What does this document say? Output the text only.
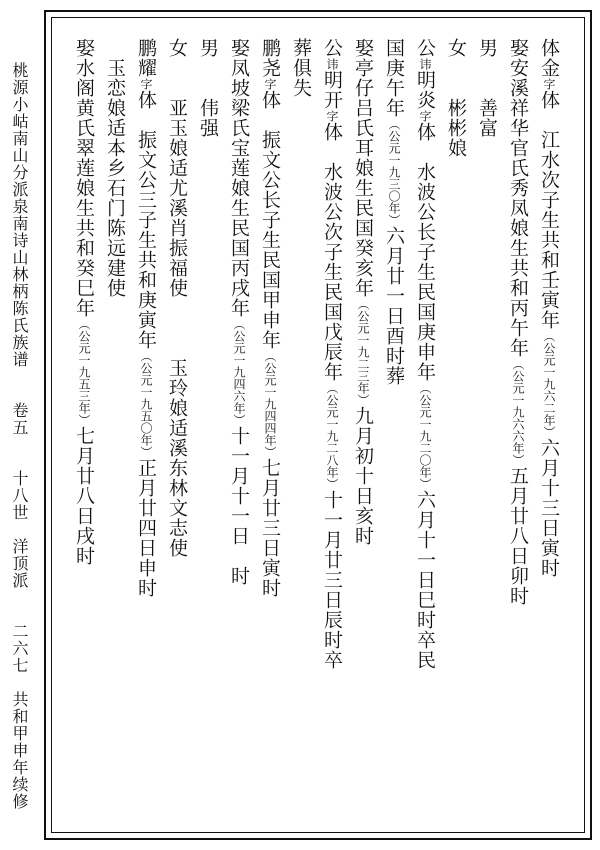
桃源小岵南山分派泉南诗山林柄陈氏族谱　　卷五　　十八世　洋顶派　　二六七　共和甲申年续修
体金字体　江水次子生共和壬寅年（公元一九六二年）六月十三日寅时
娶安溪祥华官氏秀凤娘生共和丙午年（公元一九六六年）五月廿八日卯时
男　　善富
女　　彬彬娘
公讳明炎字体　水波公长子生民国庚申年（公元一九二〇年）六月十一日巳时卒民
国庚午年（公元一九三〇年）六月廿一日酉时葬
娶亭仔吕氏耳娘生民国癸亥年（公元一九二三年）九月初十日亥时
公讳明开字体　水波公次子生民国戊辰年（公元一九二八年）十一月廿三日辰时卒
葬俱失
鹏尧字体　振文公长子生民国甲申年（公元一九四四年）七月廿三日寅时
娶凤坡梁氏宝莲娘生民国丙戌年（公元一九四六年）十一月十一日　时
男　　伟强
女　　亚玉娘适尤溪肖振福使　　　玉玲娘适溪东林文志使
鹏耀字体　振文公三子生共和庚寅年（公元一九五〇年）正月廿四日申时
　玉恋娘适本乡石门陈远建使
娶水阁黄氏翠莲娘生共和癸巳年（公元一九五三年）七月廿八日戌时
